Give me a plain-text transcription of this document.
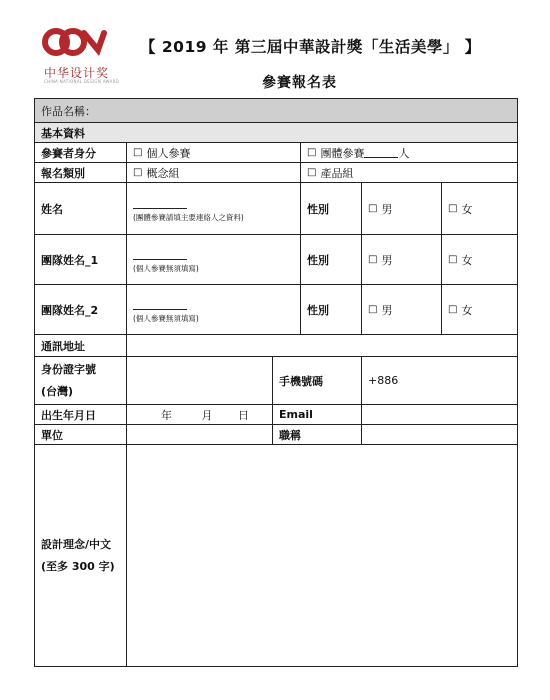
中华设计奖
CHINA NATIONAL DESIGN AWARD
【 2019 年 第三屆中華設計獎「生活美學」 】
參賽報名表
作品名稱：					
基本資料					
參賽者身分	□ 個人參賽		□ 團體參賽 人		

報名類別	□ 概念組		□ 產品組		

姓名	(團體參賽請填主要連絡人之資料)		性別	□ 男	□ 女

團隊姓名_1	(個人參賽無須填寫)		性別	□ 男	□ 女

團隊姓名_2	(個人參賽無須填寫)		性別	□ 男	□ 女

通訊地址					

身份證字號
(台灣)		手機號碼		+886	
出生年月日	年 月 日	Email			
單位		職稱			

設計理念/中文
(至多 300 字)					
